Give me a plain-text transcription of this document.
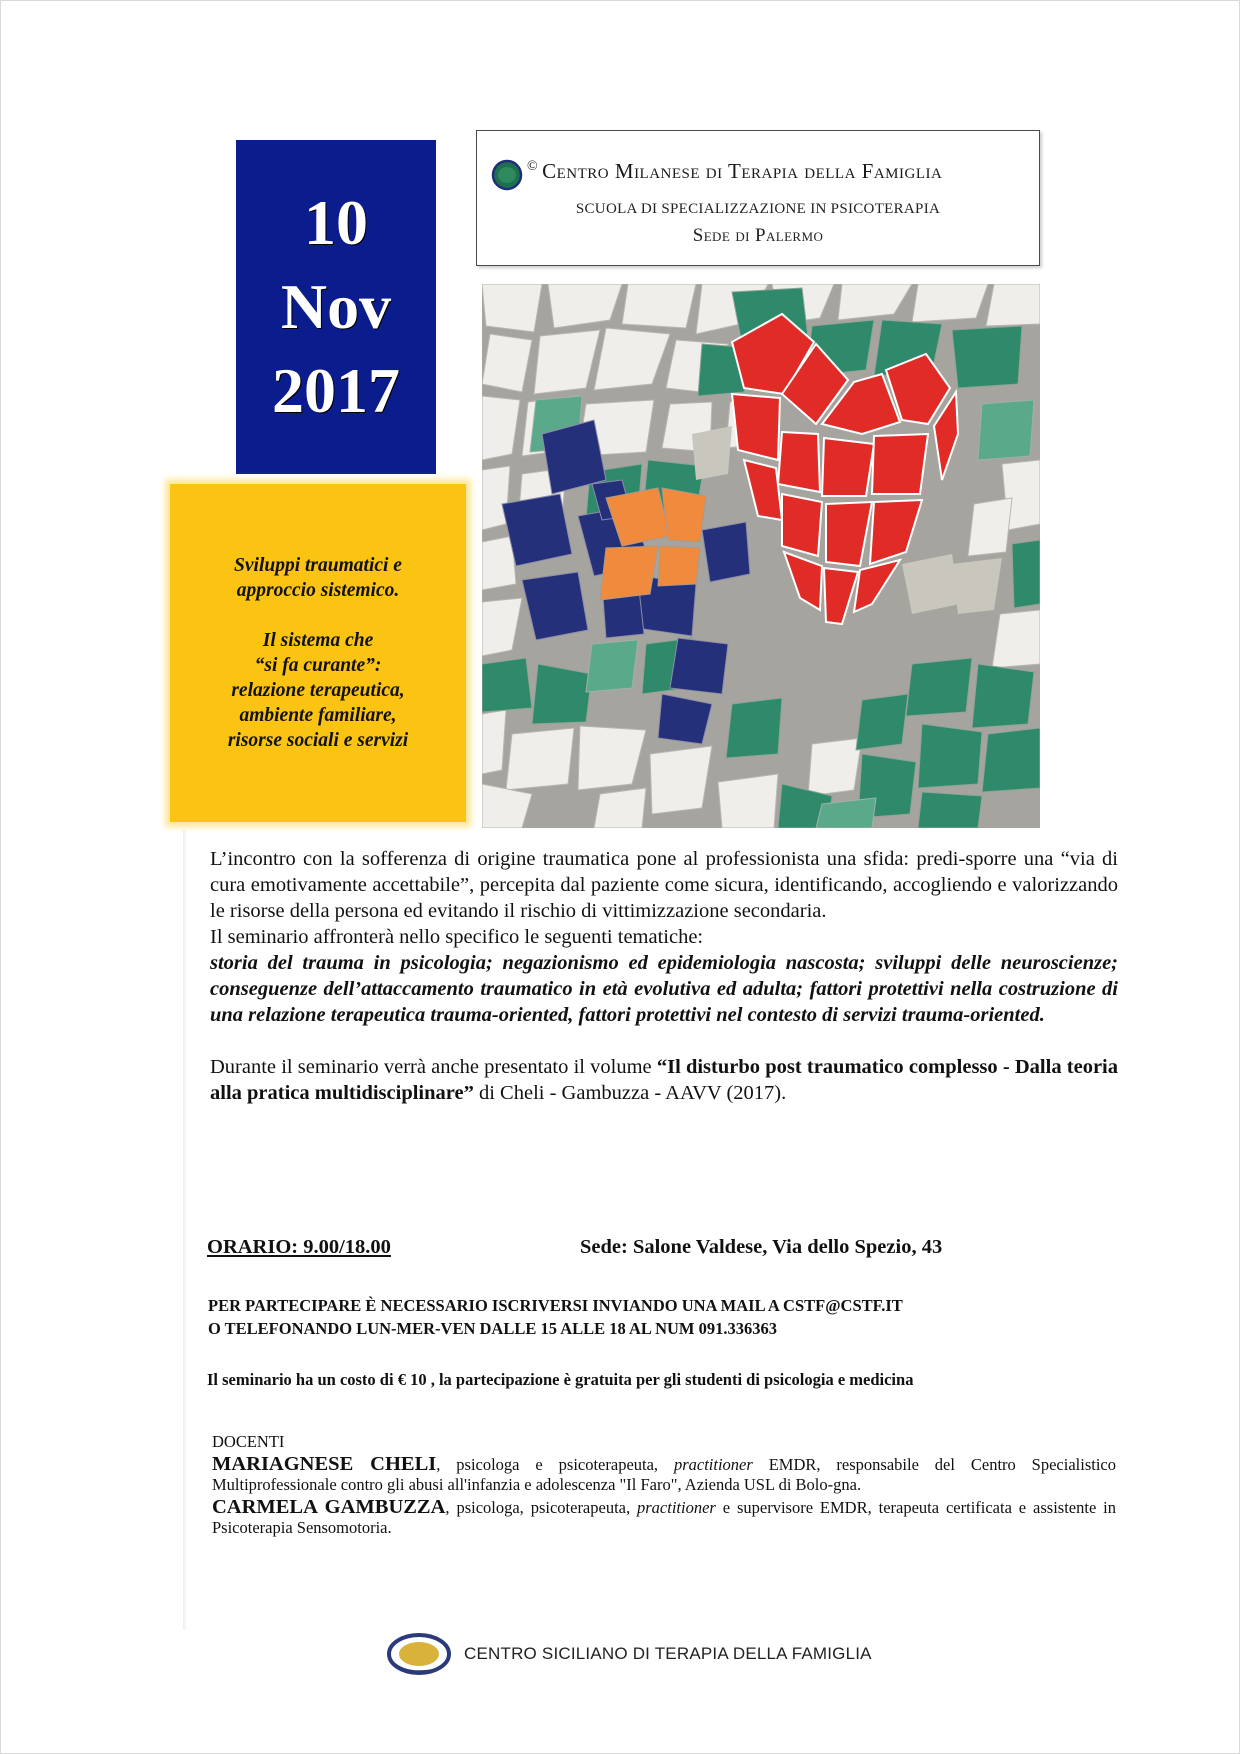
10
Nov
2017
© Centro Milanese di Terapia della Famiglia
SCUOLA DI SPECIALIZZAZIONE IN PSICOTERAPIA
Sede di Palermo

Sviluppi traumatici e

approccio sistemico.

Il sistema che

“si fa curante”:

relazione terapeutica,

ambiente familiare,

risorse sociali e servizi

L’incontro con la sofferenza di origine traumatica pone al professionista una sfida: predi-sporre una “via di cura emotivamente accettabile”, percepita dal paziente come sicura, identificando, accogliendo e valorizzando le risorse della persona ed evitando il rischio di vittimizzazione secondaria.

Il seminario affronterà nello specifico le seguenti tematiche:

storia del trauma in psicologia; negazionismo ed epidemiologia nascosta; sviluppi delle neuroscienze; conseguenze dell’attaccamento traumatico in età evolutiva ed adulta; fattori protettivi nella costruzione di una relazione terapeutica trauma-oriented, fattori protettivi nel contesto di servizi trauma-oriented.

Durante il seminario verrà anche presentato il volume “Il disturbo post traumatico complesso - Dalla teoria alla pratica multidisciplinare” di Cheli - Gambuzza - AAVV (2017).

ORARIO: 9.00/18.00	Sede: Salone Valdese, Via dello Spezio, 43
PER PARTECIPARE È NECESSARIO ISCRIVERSI INVIANDO UNA MAIL A CSTF@CSTF.IT
O TELEFONANDO LUN-MER-VEN DALLE 15 ALLE 18 AL NUM 091.336363
Il seminario ha un costo di € 10 , la partecipazione è gratuita per gli studenti di psicologia e medicina
DOCENTI
MARIAGNESE CHELI, psicologa e psicoterapeuta, practitioner EMDR, responsabile del Centro Specialistico Multiprofessionale contro gli abusi all'infanzia e adolescenza "Il Faro", Azienda USL di Bolo-gna.
CARMELA GAMBUZZA, psicologa, psicoterapeuta, practitioner e supervisore EMDR, terapeuta certificata e assistente in Psicoterapia Sensomotoria.
CENTRO SICILIANO DI TERAPIA DELLA FAMIGLIA
